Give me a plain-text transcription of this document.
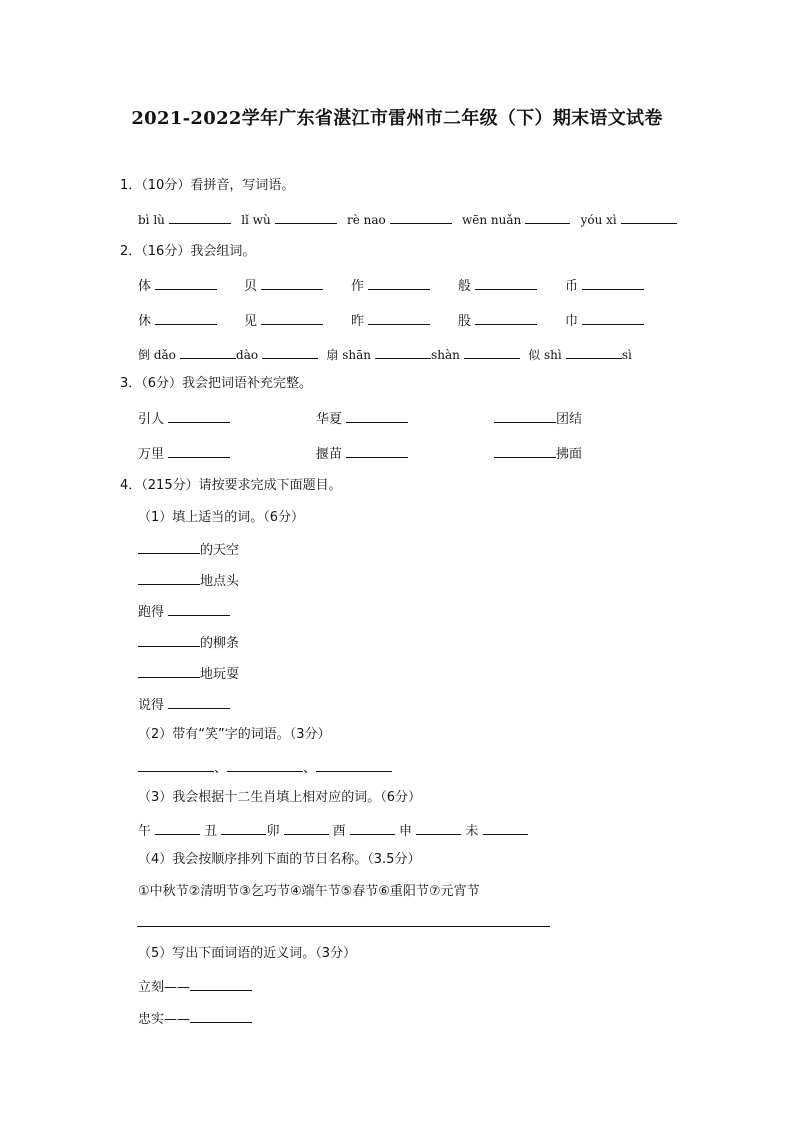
2021-2022学年广东省湛江市雷州市二年级（下）期末语文试卷
1．（10分）看拼音，写词语。
bì lù	lǐ wù	rè nao	wēn nuǎn	yóu xì
2．（16分）我会组词。
体	贝	作	般	币
休	见	昨	股	巾
倒 dǎo	dào	扇 shān	shàn	似 shì	sì
3．（6分）我会把词语补充完整。
引人	华夏	团结
万里	揠苗	拂面
4．（215分）请按要求完成下面题目。
（1）填上适当的词。（6分）
的天空
地点头
跑得
的柳条
地玩耍
说得
（2）带有“笑”字的词语。（3分）
、	、
（3）我会根据十二生肖填上相对应的词。（6分）
午	丑	卯	酉	申	未
（4）我会按顺序排列下面的节日名称。（3.5分）
①中秋节②清明节③乞巧节④端午节⑤春节⑥重阳节⑦元宵节
（5）写出下面词语的近义词。（3分）
立刻——
忠实——
